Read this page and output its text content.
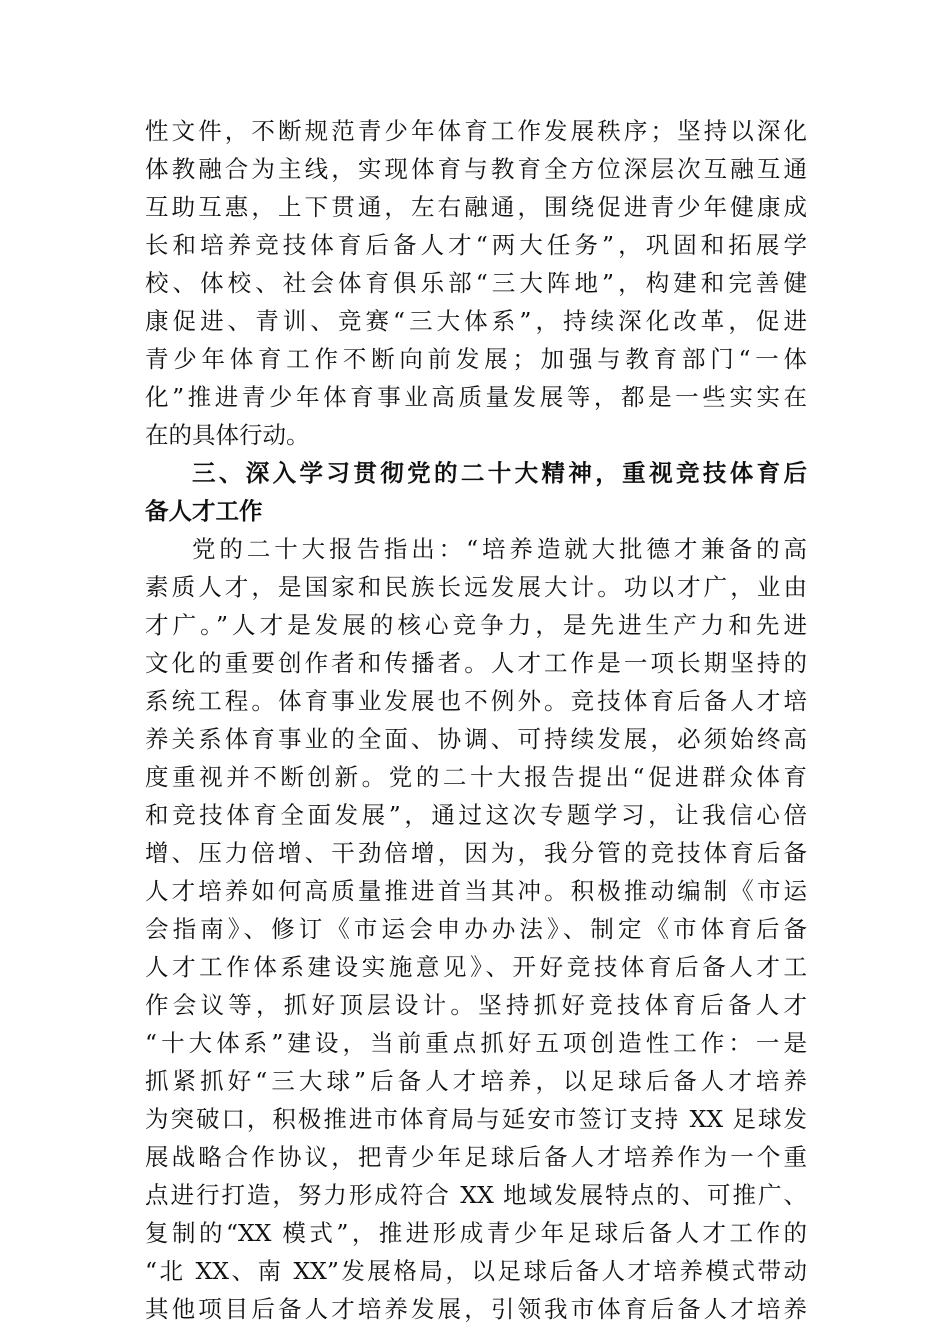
性文件，不断规范青少年体育工作发展秩序；坚持以深化
体教融合为主线，实现体育与教育全方位深层次互融互通
互助互惠，上下贯通，左右融通，围绕促进青少年健康成
长和培养竞技体育后备人才“两大任务”，巩固和拓展学
校、体校、社会体育俱乐部“三大阵地”，构建和完善健
康促进、青训、竞赛“三大体系”，持续深化改革，促进
青少年体育工作不断向前发展；加强与教育部门“一体
化”推进青少年体育事业高质量发展等，都是一些实实在
在的具体行动。
三、深入学习贯彻党的二十大精神，重视竞技体育后
备人才工作
党的二十大报告指出：“培养造就大批德才兼备的高
素质人才，是国家和民族长远发展大计。功以才广，业由
才广。”人才是发展的核心竞争力，是先进生产力和先进
文化的重要创作者和传播者。人才工作是一项长期坚持的
系统工程。体育事业发展也不例外。竞技体育后备人才培
养关系体育事业的全面、协调、可持续发展，必须始终高
度重视并不断创新。党的二十大报告提出“促进群众体育
和竞技体育全面发展”，通过这次专题学习，让我信心倍
增、压力倍增、干劲倍增，因为，我分管的竞技体育后备
人才培养如何高质量推进首当其冲。积极推动编制《市运
会指南》、修订《市运会申办办法》、制定《市体育后备
人才工作体系建设实施意见》、开好竞技体育后备人才工
作会议等，抓好顶层设计。坚持抓好竞技体育后备人才
“十大体系”建设，当前重点抓好五项创造性工作：一是
抓紧抓好“三大球”后备人才培养，以足球后备人才培养
为突破口，积极推进市体育局与延安市签订支持 XX 足球发
展战略合作协议，把青少年足球后备人才培养作为一个重
点进行打造，努力形成符合 XX 地域发展特点的、可推广、
复制的“XX 模式”，推进形成青少年足球后备人才工作的
“北 XX、南 XX”发展格局，以足球后备人才培养模式带动
其他项目后备人才培养发展，引领我市体育后备人才培养
